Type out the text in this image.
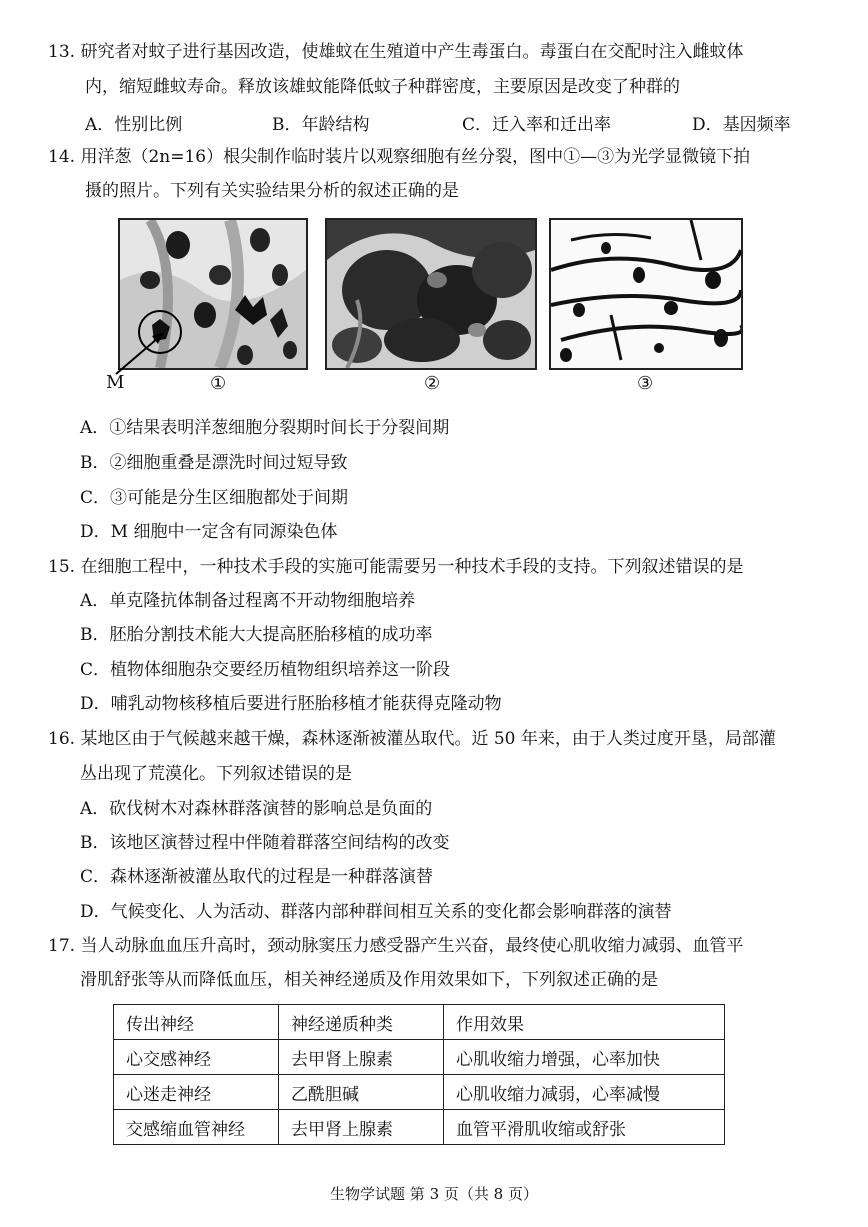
13. 研究者对蚊子进行基因改造，使雄蚊在生殖道中产生毒蛋白。毒蛋白在交配时注入雌蚊体
内，缩短雌蚊寿命。释放该雄蚊能降低蚊子种群密度，主要原因是改变了种群的
A．性别比例	B．年龄结构	C．迁入率和迁出率	D．基因频率
14. 用洋葱（2n=16）根尖制作临时装片以观察细胞有丝分裂，图中①—③为光学显微镜下拍
摄的照片。下列有关实验结果分析的叙述正确的是
M	①	②	③
A．①结果表明洋葱细胞分裂期时间长于分裂间期
B．②细胞重叠是漂洗时间过短导致
C．③可能是分生区细胞都处于间期
D．M 细胞中一定含有同源染色体
15. 在细胞工程中，一种技术手段的实施可能需要另一种技术手段的支持。下列叙述错误的是
A．单克隆抗体制备过程离不开动物细胞培养
B．胚胎分割技术能大大提高胚胎移植的成功率
C．植物体细胞杂交要经历植物组织培养这一阶段
D．哺乳动物核移植后要进行胚胎移植才能获得克隆动物
16. 某地区由于气候越来越干燥，森林逐渐被灌丛取代。近 50 年来，由于人类过度开垦，局部灌
丛出现了荒漠化。下列叙述错误的是
A．砍伐树木对森林群落演替的影响总是负面的
B．该地区演替过程中伴随着群落空间结构的改变
C．森林逐渐被灌丛取代的过程是一种群落演替
D．气候变化、人为活动、群落内部种群间相互关系的变化都会影响群落的演替
17. 当人动脉血血压升高时，颈动脉窦压力感受器产生兴奋，最终使心肌收缩力减弱、血管平
滑肌舒张等从而降低血压，相关神经递质及作用效果如下，下列叙述正确的是
传出神经	神经递质种类	作用效果
心交感神经	去甲肾上腺素	心肌收缩力增强，心率加快
心迷走神经	乙酰胆碱	心肌收缩力减弱，心率减慢
交感缩血管神经	去甲肾上腺素	血管平滑肌收缩或舒张
生物学试题 第 3 页（共 8 页）
